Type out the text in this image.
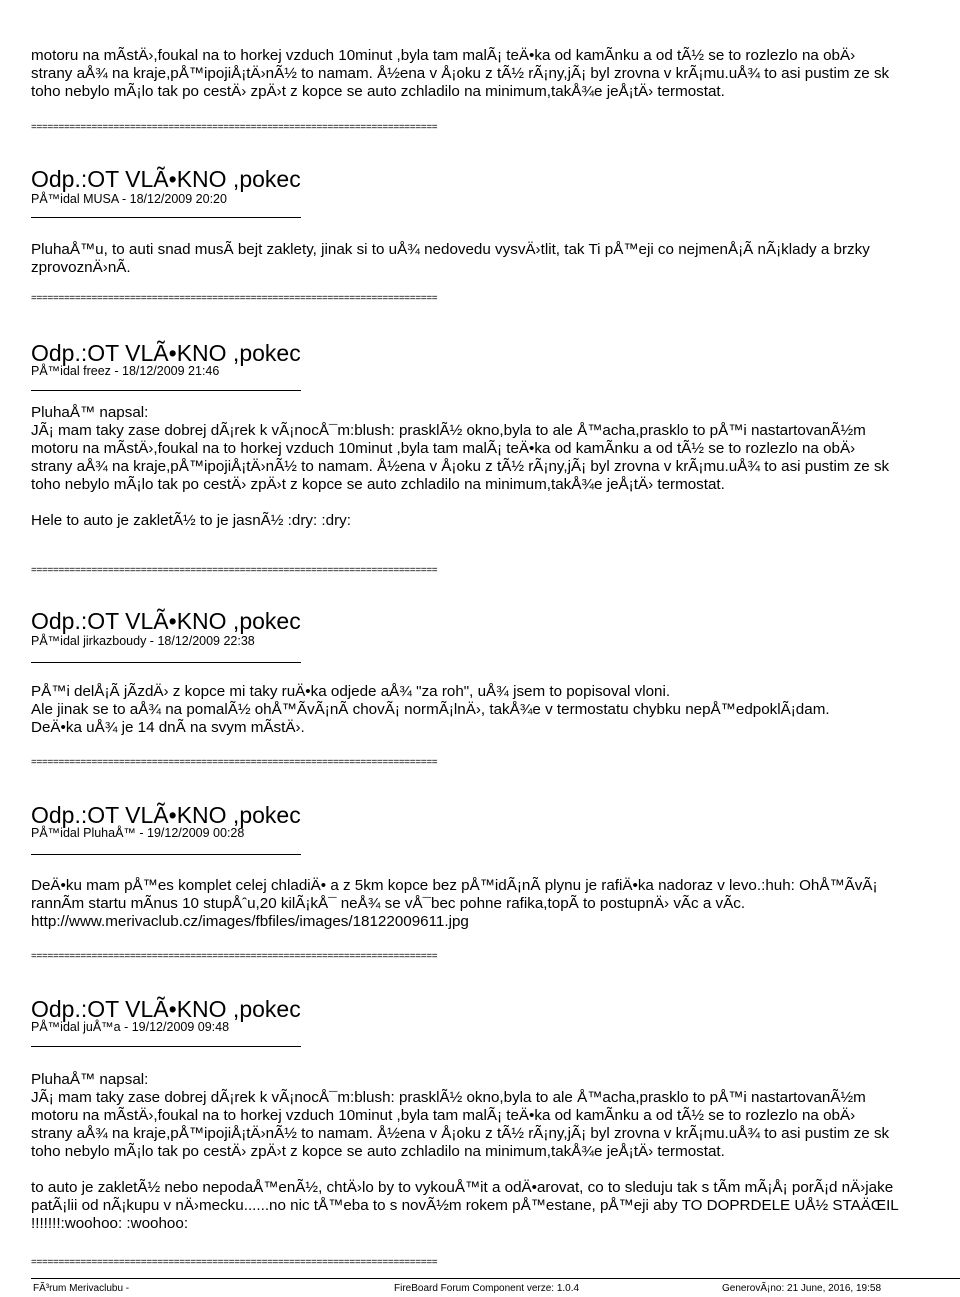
motoru na mÃstÄ›,foukal na to horkej vzduch 10minut ,byla tam malÃ¡ teÄ•ka od kamÃnku a od tÃ½ se to rozlezlo na obÄ›
strany aÅ¾ na kraje,pÅ™ipojiÅ¡tÄ›nÃ½ to namam. Å½ena v Å¡oku z tÃ½ rÃ¡ny,jÃ¡ byl zrovna v krÃ¡mu.uÅ¾ to asi pustim ze sk
toho nebylo mÃ¡lo tak po cestÄ› zpÄ›t z kopce se auto zchladilo na minimum,takÅ¾e jeÅ¡tÄ› termostat.
==========================================================================
Odp.:OT VLÃ•KNO ,pokec
PÅ™idal MUSA - 18/12/2009 20:20
PluhaÅ™u, to auti snad musÃ bejt zaklety, jinak si to uÅ¾ nedovedu vysvÄ›tlit, tak Ti pÅ™eji co nejmenÅ¡Ã nÃ¡klady a brzky
zprovoznÄ›nÃ.
==========================================================================
Odp.:OT VLÃ•KNO ,pokec
PÅ™idal freez - 18/12/2009 21:46
PluhaÅ™ napsal:
JÃ¡ mam taky zase dobrej dÃ¡rek k vÃ¡nocÅ¯m:blush: prasklÃ½ okno,byla to ale Å™acha,prasklo to pÅ™i nastartovanÃ½m
motoru na mÃstÄ›,foukal na to horkej vzduch 10minut ,byla tam malÃ¡ teÄ•ka od kamÃnku a od tÃ½ se to rozlezlo na obÄ›
strany aÅ¾ na kraje,pÅ™ipojiÅ¡tÄ›nÃ½ to namam. Å½ena v Å¡oku z tÃ½ rÃ¡ny,jÃ¡ byl zrovna v krÃ¡mu.uÅ¾ to asi pustim ze sk
toho nebylo mÃ¡lo tak po cestÄ› zpÄ›t z kopce se auto zchladilo na minimum,takÅ¾e jeÅ¡tÄ› termostat.
Hele to auto je zakletÃ½ to je jasnÃ½ :dry: :dry:
==========================================================================
Odp.:OT VLÃ•KNO ,pokec
PÅ™idal jirkazboudy - 18/12/2009 22:38
PÅ™i delÅ¡Ã jÃzdÄ› z kopce mi taky ruÄ•ka odjede aÅ¾ "za roh", uÅ¾ jsem to popisoval vloni.
Ale jinak se to aÅ¾ na pomalÃ½ ohÅ™ÃvÃ¡nÃ chovÃ¡ normÃ¡lnÄ›, takÅ¾e v termostatu chybku nepÅ™edpoklÃ¡dam.
DeÄ•ka uÅ¾ je 14 dnÃ na svym mÃstÄ›.
==========================================================================
Odp.:OT VLÃ•KNO ,pokec
PÅ™idal PluhaÅ™ - 19/12/2009 00:28
DeÄ•ku mam pÅ™es komplet celej chladiÄ• a z 5km kopce bez pÅ™idÃ¡nÃ plynu je rafiÄ•ka nadoraz v levo.:huh: OhÅ™ÃvÃ¡
rannÃm startu mÃnus 10 stupÅˆu,20 kilÃ¡kÅ¯ neÅ¾ se vÅ¯bec pohne rafika,topÃ to postupnÄ› vÃc a vÃc.
http://www.merivaclub.cz/images/fbfiles/images/18122009611.jpg
==========================================================================
Odp.:OT VLÃ•KNO ,pokec
PÅ™idal juÅ™a - 19/12/2009 09:48
PluhaÅ™ napsal:
JÃ¡ mam taky zase dobrej dÃ¡rek k vÃ¡nocÅ¯m:blush: prasklÃ½ okno,byla to ale Å™acha,prasklo to pÅ™i nastartovanÃ½m
motoru na mÃstÄ›,foukal na to horkej vzduch 10minut ,byla tam malÃ¡ teÄ•ka od kamÃnku a od tÃ½ se to rozlezlo na obÄ›
strany aÅ¾ na kraje,pÅ™ipojiÅ¡tÄ›nÃ½ to namam. Å½ena v Å¡oku z tÃ½ rÃ¡ny,jÃ¡ byl zrovna v krÃ¡mu.uÅ¾ to asi pustim ze sk
toho nebylo mÃ¡lo tak po cestÄ› zpÄ›t z kopce se auto zchladilo na minimum,takÅ¾e jeÅ¡tÄ› termostat.
to auto je zakletÃ½ nebo nepodaÅ™enÃ½, chtÄ›lo by to vykouÅ™it a odÄ•arovat, co to sleduju tak s tÃm mÃ¡Å¡ porÃ¡d nÄ›jake
patÃ¡lii od nÃ¡kupu v nÄ›mecku......no nic tÅ™eba to s novÃ½m rokem pÅ™estane, pÅ™eji aby TO DOPRDELE UÅ½ STAÄŒIL
!!!!!!!:woohoo: :woohoo:
==========================================================================
FÃ³rum Merivaclubu -	FireBoard Forum Component verze: 1.0.4	GenerovÃ¡no: 21 June, 2016, 19:58
